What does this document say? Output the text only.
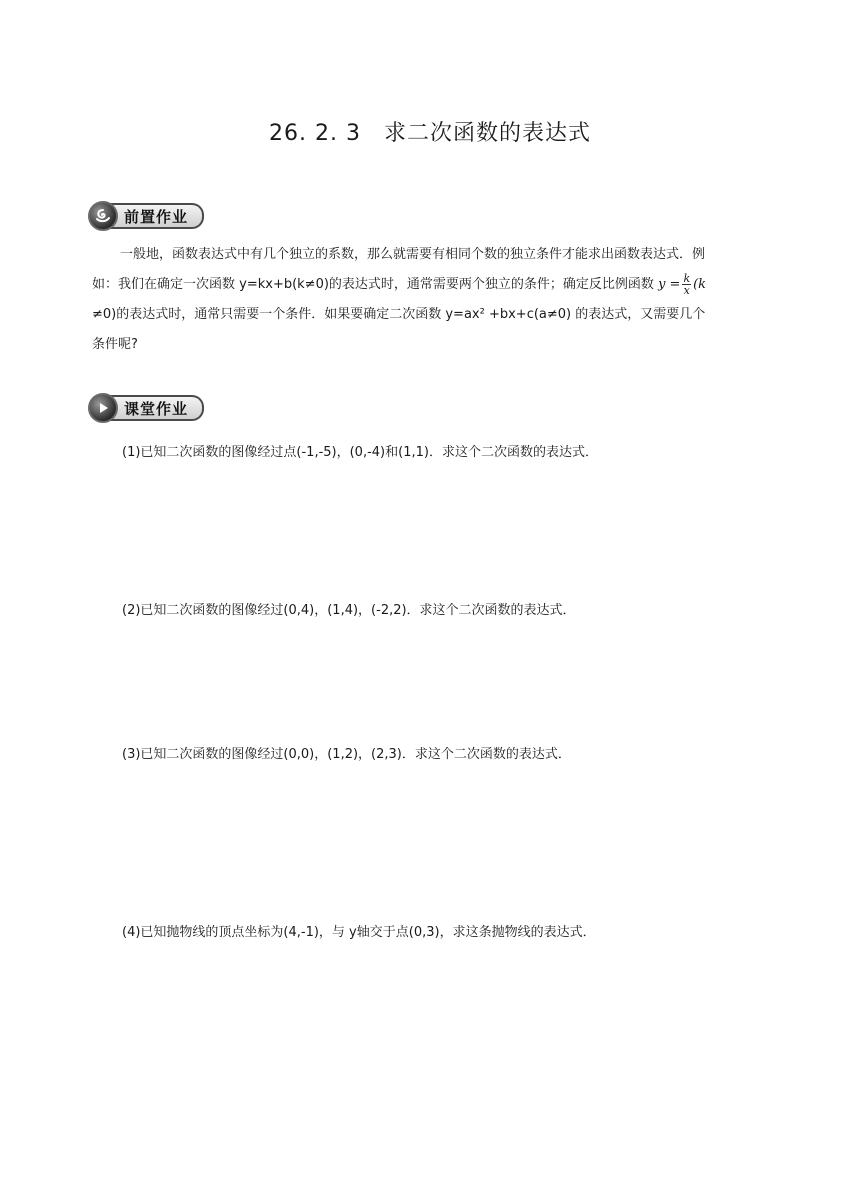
26. 2. 3　求二次函数的表达式
前置作业
一般地，函数表达式中有几个独立的系数，那么就需要有相同个数的独立条件才能求出函数表达式．例
如：我们在确定一次函数 y=kx+b(k≠0)的表达式时，通常需要两个独立的条件；确定反比例函数 $y = \frac{k}{x} (k$
≠0)的表达式时，通常只需要一个条件．如果要确定二次函数 y=ax² +bx+c(a≠0) 的表达式，又需要几个
条件呢?
课堂作业
(1)已知二次函数的图像经过点(-1,-5)，(0,-4)和(1,1)．求这个二次函数的表达式．
(2)已知二次函数的图像经过(0,4)，(1,4)，(-2,2)．求这个二次函数的表达式．
(3)已知二次函数的图像经过(0,0)，(1,2)，(2,3)．求这个二次函数的表达式．
(4)已知抛物线的顶点坐标为(4,-1)，与 y轴交于点(0,3)，求这条抛物线的表达式．
